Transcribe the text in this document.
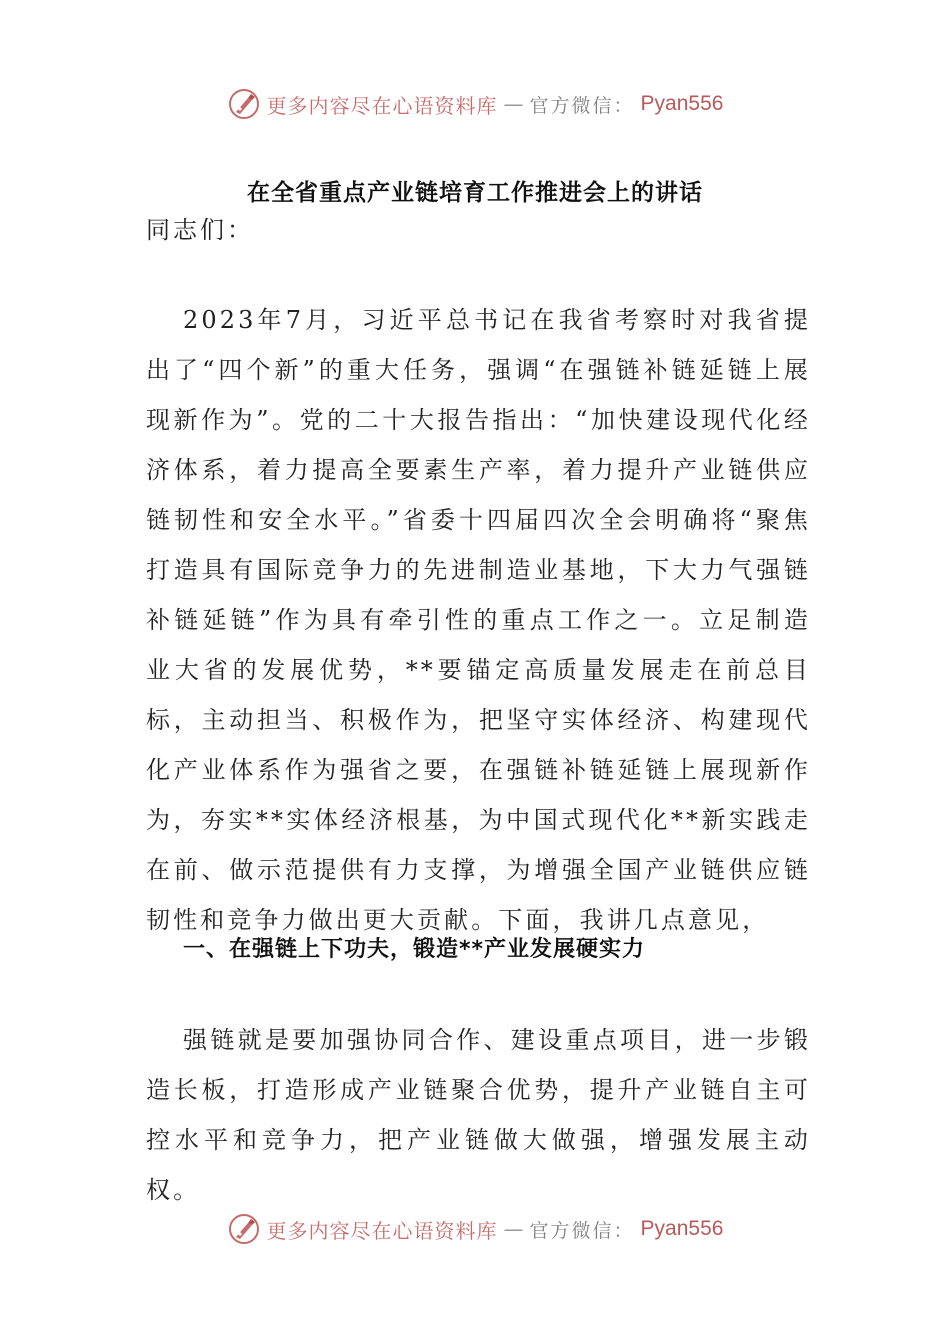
更多内容尽在心语资料库 — 官方微信： Pyan556
在全省重点产业链培育工作推进会上的讲话
同志们：

2023年7月，习近平总书记在我省考察时对我省提出了“四个新”的重大任务，强调“在强链补链延链上展现新作为”。党的二十大报告指出：“加快建设现代化经济体系，着力提高全要素生产率，着力提升产业链供应链韧性和安全水平。”省委十四届四次全会明确将“聚焦打造具有国际竞争力的先进制造业基地，下大力气强链补链延链”作为具有牵引性的重点工作之一。立足制造业大省的发展优势，**要锚定高质量发展走在前总目标，主动担当、积极作为，把坚守实体经济、构建现代化产业体系作为强省之要，在强链补链延链上展现新作为，夯实**实体经济根基，为中国式现代化**新实践走在前、做示范提供有力支撑，为增强全国产业链供应链韧性和竞争力做出更大贡献。下面，我讲几点意见，

一、在强链上下功夫，锻造**产业发展硬实力

强链就是要加强协同合作、建设重点项目，进一步锻造长板，打造形成产业链聚合优势，提升产业链自主可控水平和竞争力，把产业链做大做强，增强发展主动权。

更多内容尽在心语资料库 — 官方微信： Pyan556
